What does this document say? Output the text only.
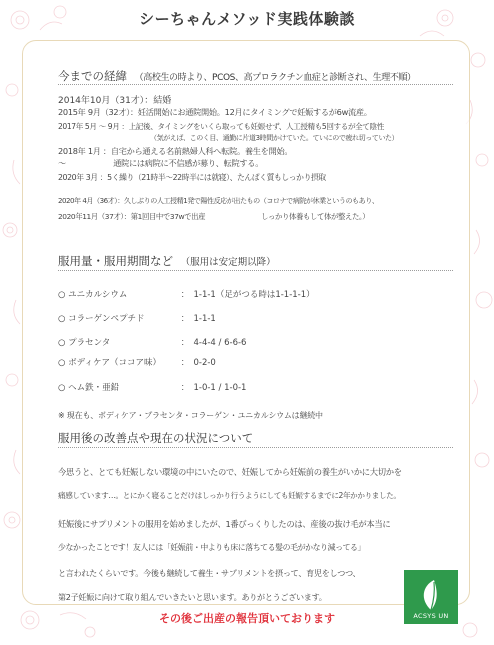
シーちゃんメソッド実践体験談
今までの経緯 （高校生の時より、PCOS、高プロラクチン血症と診断され、生理不順）
2014年10月（31才）：結婚
2015年 9月（32才）：妊活開始にお通院開始。12月にタイミングで妊娠するが6w流産。
2017年 5月 〜 9月 ：上記後、タイミングをいくら取っても妊娠せず、人工授精も5回するが全て陰性
（気がえば、このく目、通勤に片道3時間かけていた。ていにので疲れ切っていた）
2018年 1月 ：自宅から通える名前熱婦人科へ転院。養生を開始。
〜　　　　　　通院には病院に不信感が募り、転院する。
2020年 3月 ：5く繰り（21時半〜22時半には就寝）、たんぱく質もしっかり摂取
2020年 4月（36才）：久しぶりの人工授精1発で陽性反応が出たもの（コロナで病院が休業というのもあり、
2020年11月（37才）：第1回目中で37wで出産　　　　　　　　しっかり体養もして体が整えた。）
服用量・服用期間など （服用は安定期以降）
○ ユニカルシウム	：　1-1-1（足がつる時は1-1-1-1）
○ コラーゲンペプチド	：　1-1-1
○ プラセンタ	：　4-4-4 / 6-6-6
○ ボディケア（ココア味） ：　0-2-0
○ ヘム鉄・亜鉛	：　1-0-1 / 1-0-1
※ 現在も、ボディケア・プラセンタ・コラーゲン・ユニカルシウムは継続中
服用後の改善点や現在の状況について
今思うと、とても妊娠しない環境の中にいたので、妊娠してから妊娠前の養生がいかに大切かを
痛感しています…。とにかく寝ることだけはしっかり行うようにしても妊娠するまでに2年かかりました。
妊娠後にサプリメントの服用を始めましたが、1番びっくりしたのは、産後の抜け毛が本当に
少なかったことです！友人には「妊娠前・中よりも床に落ちてる髪の毛がかなり減ってる」
と言われたくらいです。今後も継続して養生・サプリメントを摂って、育児をしつつ、
第2子妊娠に向けて取り組んでいきたいと思います。ありがとうございます。
ACSYS UN
その後ご出産の報告頂いております
